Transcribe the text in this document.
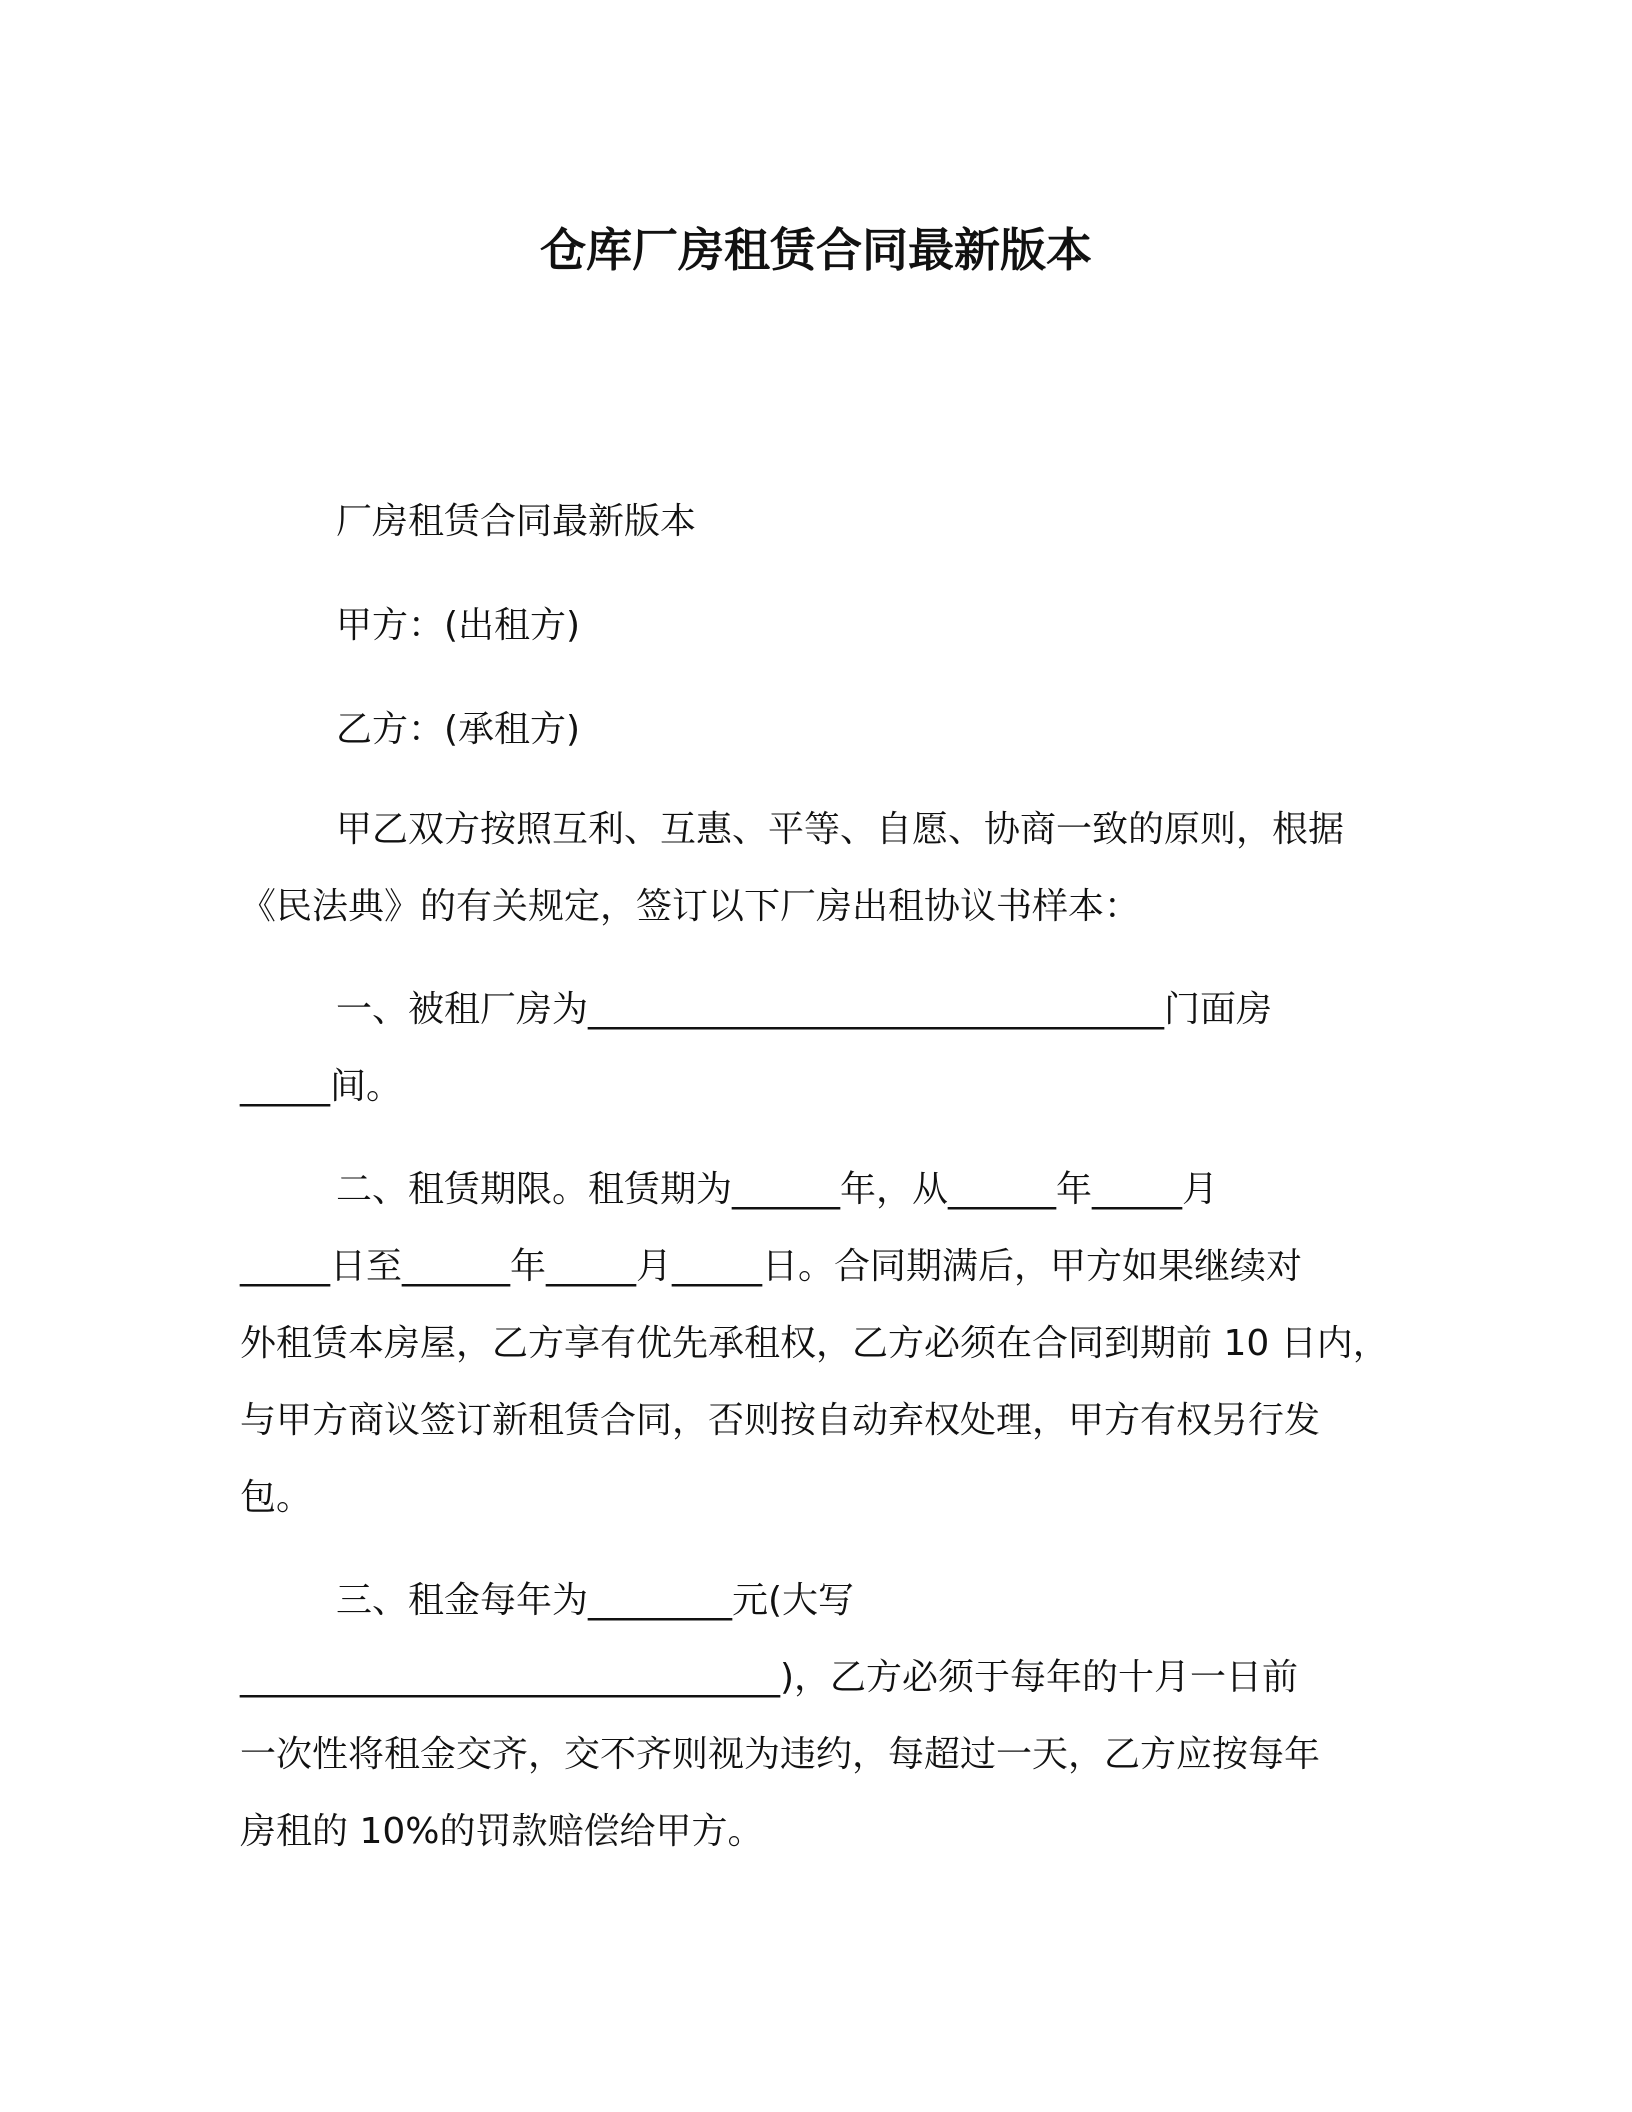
仓库厂房租赁合同最新版本
厂房租赁合同最新版本
甲方：(出租方)
乙方：(承租方)
甲乙双方按照互利、互惠、平等、自愿、协商一致的原则，根据
《民法典》的有关规定，签订以下厂房出租协议书样本：
一、被租厂房为________________________________门面房
_____间。
二、租赁期限。租赁期为______年，从______年_____月
_____日至______年_____月_____日。合同期满后，甲方如果继续对
外租赁本房屋，乙方享有优先承租权，乙方必须在合同到期前 10 日内，
与甲方商议签订新租赁合同，否则按自动弃权处理，甲方有权另行发
包。
三、租金每年为________元(大写
______________________________)，乙方必须于每年的十月一日前
一次性将租金交齐，交不齐则视为违约，每超过一天，乙方应按每年
房租的 10%的罚款赔偿给甲方。
